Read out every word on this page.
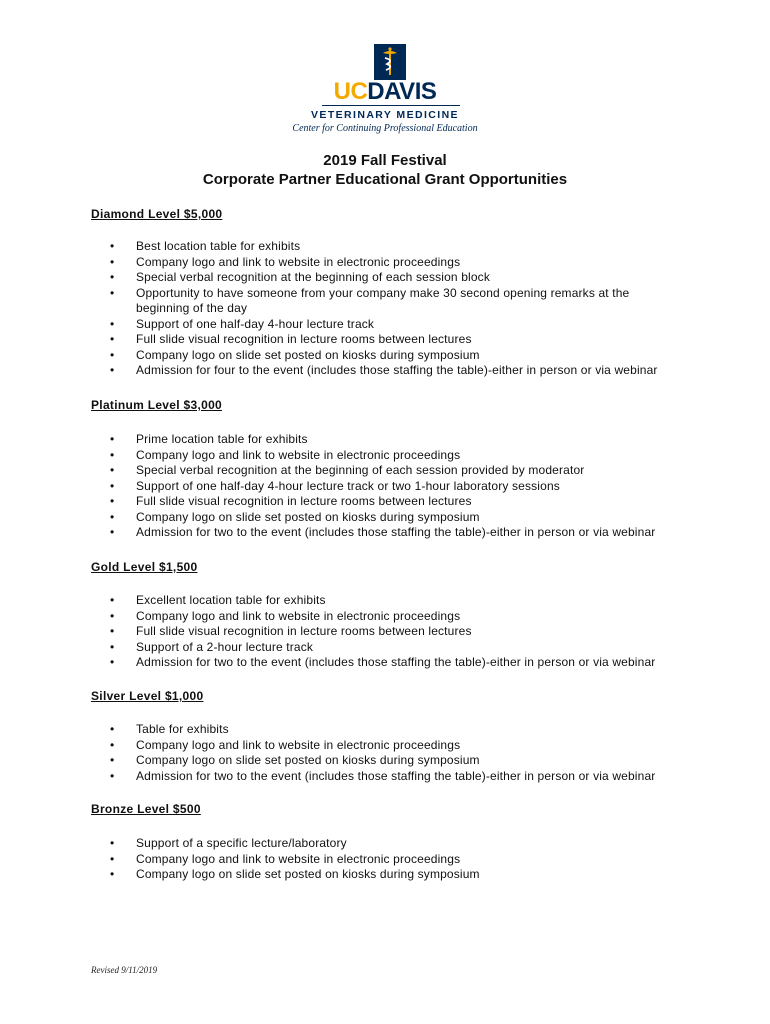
UCDAVIS
VETERINARY MEDICINE
Center for Continuing Professional Education
2019 Fall Festival
Corporate Partner Educational Grant Opportunities
Diamond Level $5,000
• Best location table for exhibits
• Company logo and link to website in electronic proceedings
• Special verbal recognition at the beginning of each session block
• Opportunity to have someone from your company make 30 second opening remarks at the beginning of the day
• Support of one half-day 4-hour lecture track
• Full slide visual recognition in lecture rooms between lectures
• Company logo on slide set posted on kiosks during symposium
• Admission for four to the event (includes those staffing the table)-either in person or via webinar
Platinum Level $3,000
• Prime location table for exhibits
• Company logo and link to website in electronic proceedings
• Special verbal recognition at the beginning of each session provided by moderator
• Support of one half-day 4-hour lecture track or two 1-hour laboratory sessions
• Full slide visual recognition in lecture rooms between lectures
• Company logo on slide set posted on kiosks during symposium
• Admission for two to the event (includes those staffing the table)-either in person or via webinar
Gold Level $1,500
• Excellent location table for exhibits
• Company logo and link to website in electronic proceedings
• Full slide visual recognition in lecture rooms between lectures
• Support of a 2-hour lecture track
• Admission for two to the event (includes those staffing the table)-either in person or via webinar
Silver Level $1,000
• Table for exhibits
• Company logo and link to website in electronic proceedings
• Company logo on slide set posted on kiosks during symposium
• Admission for two to the event (includes those staffing the table)-either in person or via webinar
Bronze Level $500
• Support of a specific lecture/laboratory
• Company logo and link to website in electronic proceedings
• Company logo on slide set posted on kiosks during symposium
Revised 9/11/2019
